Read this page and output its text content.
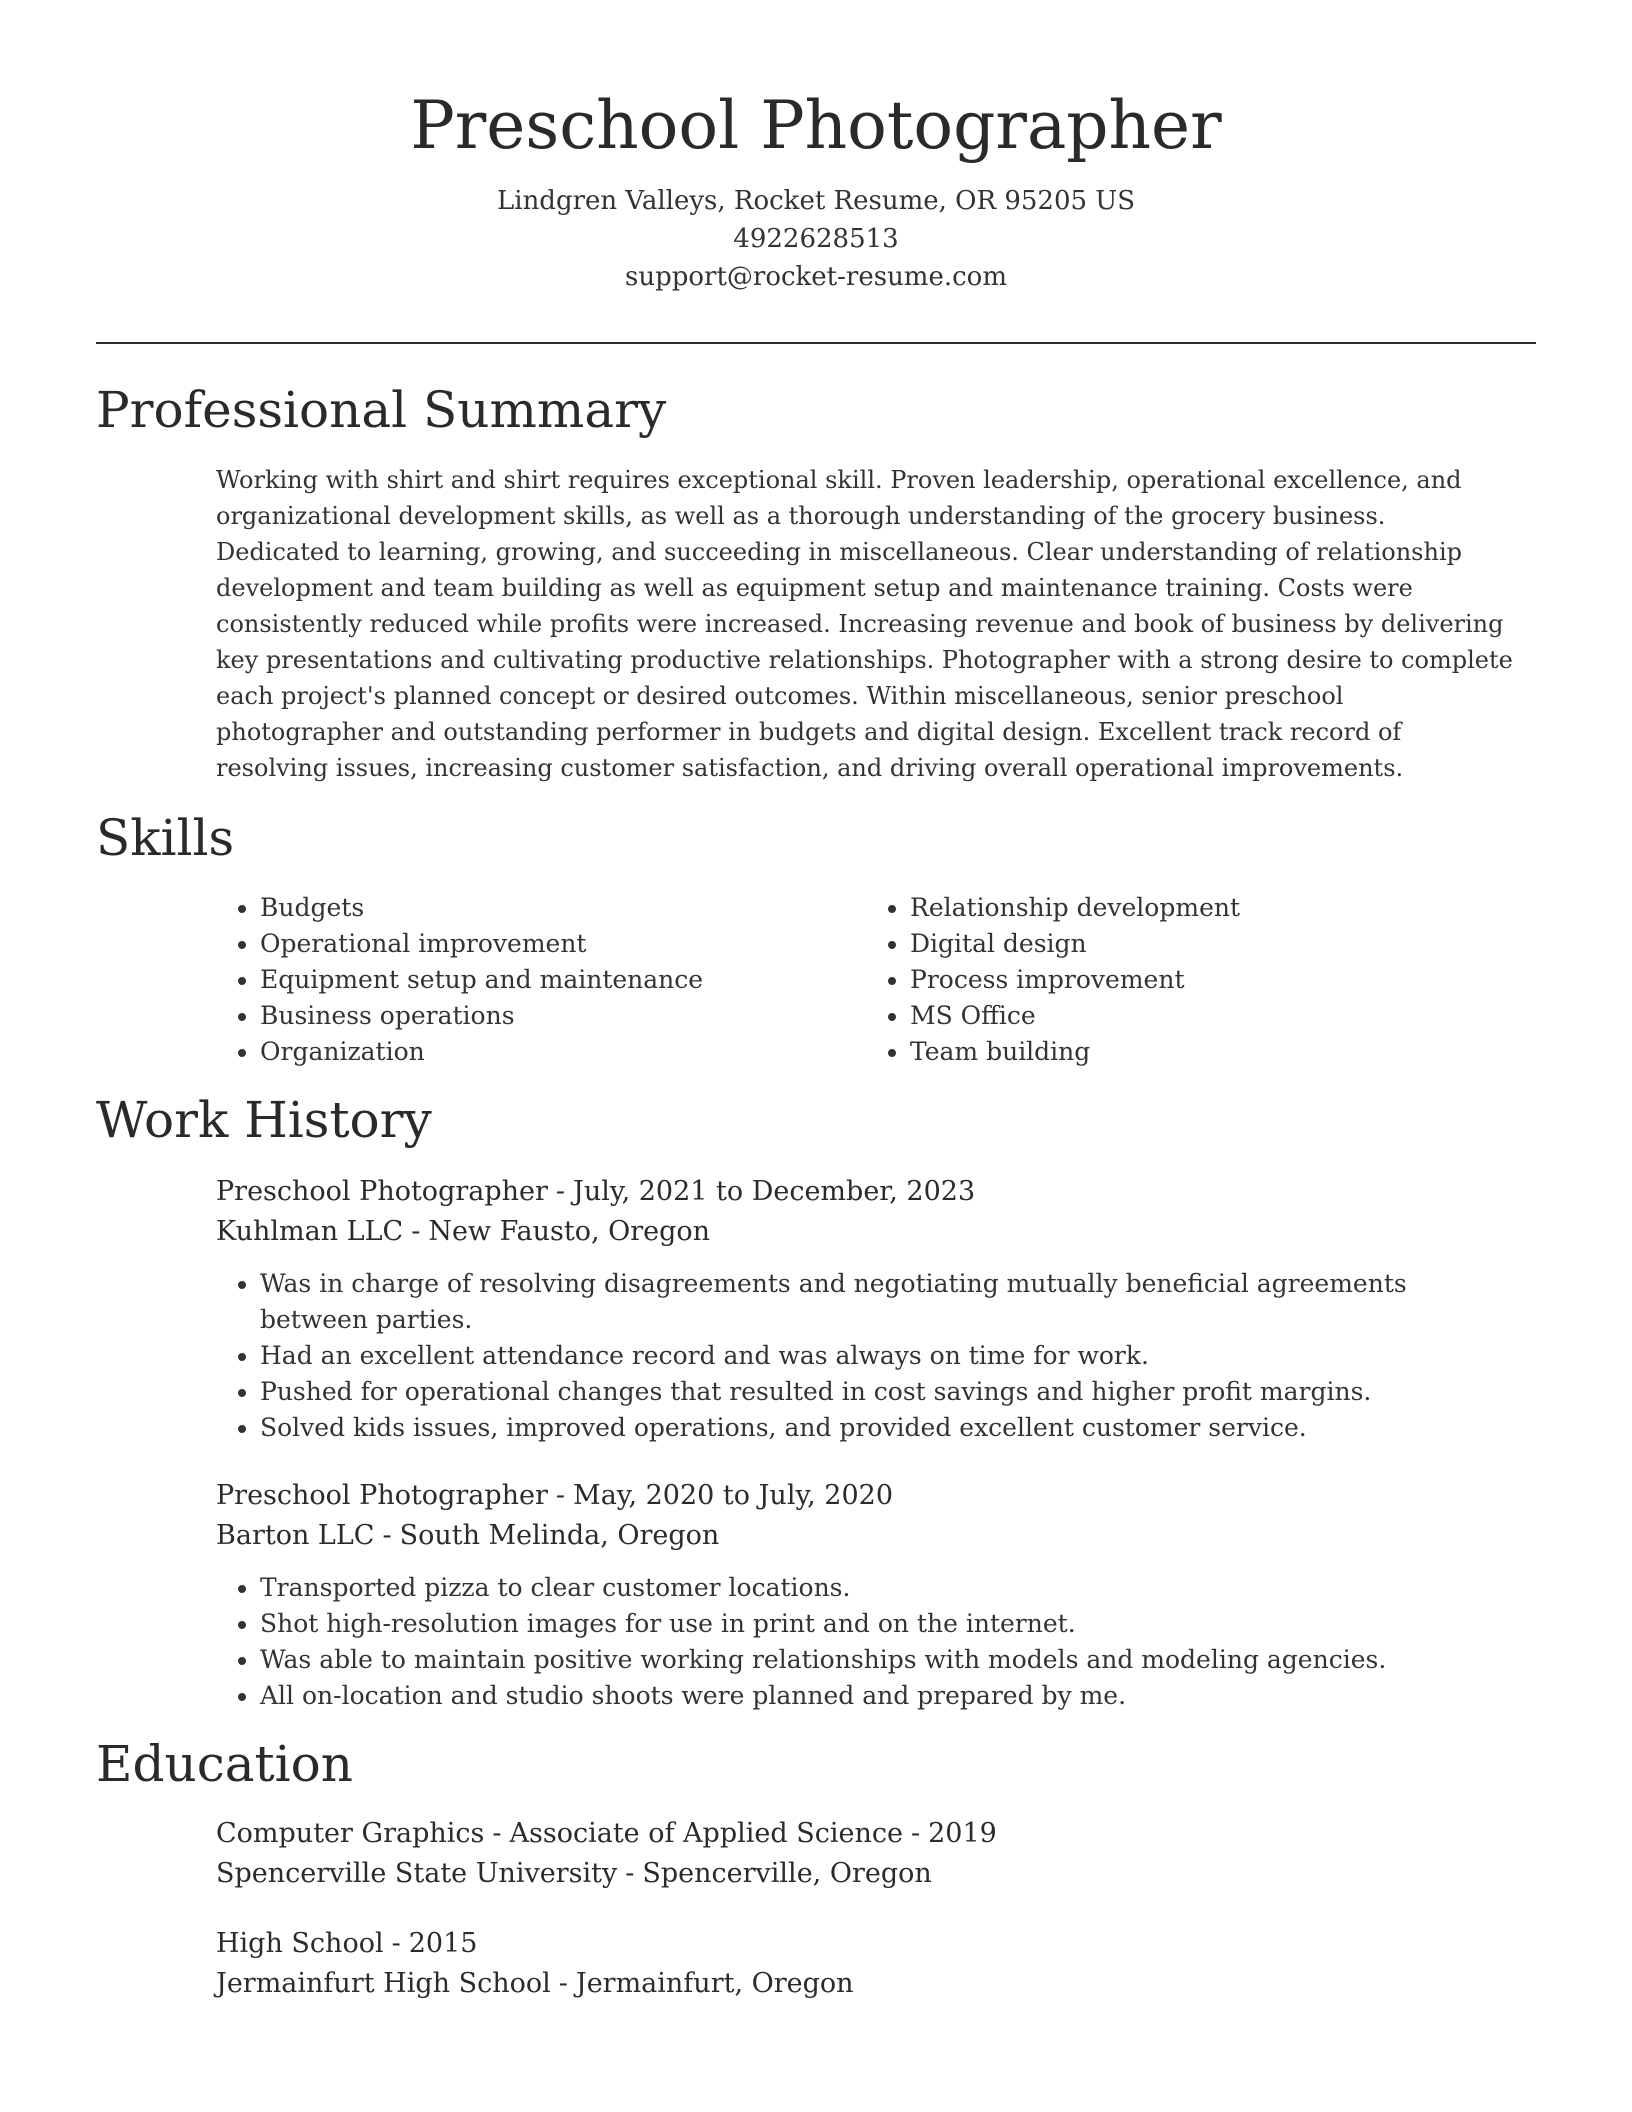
Preschool Photographer
Lindgren Valleys, Rocket Resume, OR 95205 US
4922628513
support@rocket-resume.com
Professional Summary
Working with shirt and shirt requires exceptional skill. Proven leadership, operational excellence, and organizational development skills, as well as a thorough understanding of the grocery business. Dedicated to learning, growing, and succeeding in miscellaneous. Clear understanding of relationship development and team building as well as equipment setup and maintenance training. Costs were consistently reduced while profits were increased. Increasing revenue and book of business by delivering key presentations and cultivating productive relationships. Photographer with a strong desire to complete each project's planned concept or desired outcomes. Within miscellaneous, senior preschool photographer and outstanding performer in budgets and digital design. Excellent track record of resolving issues, increasing customer satisfaction, and driving overall operational improvements.
Skills
• Budgets
• Operational improvement
• Equipment setup and maintenance
• Business operations
• Organization
• Relationship development
• Digital design
• Process improvement
• MS Office
• Team building
Work History
Preschool Photographer - July, 2021 to December, 2023
Kuhlman LLC - New Fausto, Oregon
• Was in charge of resolving disagreements and negotiating mutually beneficial agreements between parties.
• Had an excellent attendance record and was always on time for work.
• Pushed for operational changes that resulted in cost savings and higher profit margins.
• Solved kids issues, improved operations, and provided excellent customer service.
Preschool Photographer - May, 2020 to July, 2020
Barton LLC - South Melinda, Oregon
• Transported pizza to clear customer locations.
• Shot high-resolution images for use in print and on the internet.
• Was able to maintain positive working relationships with models and modeling agencies.
• All on-location and studio shoots were planned and prepared by me.
Education
Computer Graphics - Associate of Applied Science - 2019
Spencerville State University - Spencerville, Oregon
High School - 2015
Jermainfurt High School - Jermainfurt, Oregon
